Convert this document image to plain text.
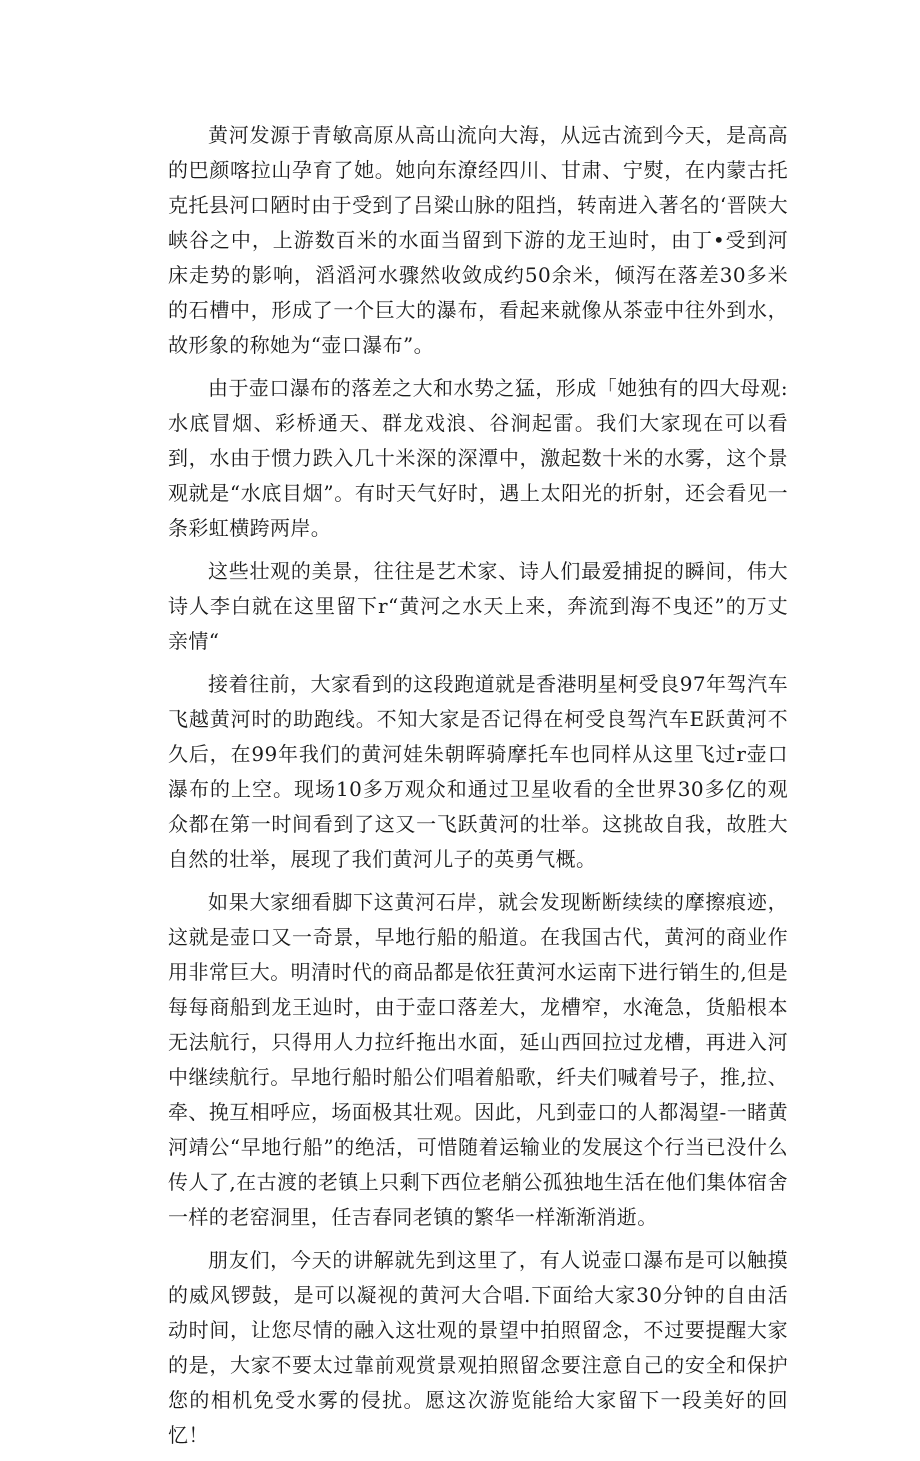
黄河发源于青敏高原从高山流向大海，从远古流到今天，是高高的巴颜喀拉山孕育了她。她向东潦经四川、甘肃、宁熨，在内蒙古托克托县河口陋时由于受到了吕梁山脉的阻挡，转南进入著名的‘晋陕大峡谷之中，上游数百米的水面当留到下游的龙王辿时，由丁•受到河床走势的影响，滔滔河水骤然收敛成约50余米，倾泻在落差30多米的石槽中，形成了一个巨大的瀑布，看起来就像从茶壶中往外到水，故形象的称她为“壶口瀑布”。

由于壶口瀑布的落差之大和水势之猛，形成「她独有的四大母观:水底冒烟、彩桥通天、群龙戏浪、谷涧起雷。我们大家现在可以看到，水由于惯力跌入几十米深的深潭中，激起数十米的水雾，这个景观就是“水底目烟”。有时天气好时，遇上太阳光的折射，还会看见一条彩虹横跨两岸。

这些壮观的美景，往往是艺术家、诗人们最爱捕捉的瞬间，伟大诗人李白就在这里留下r“黄河之水天上来，奔流到海不曳还”的万丈亲情“

接着往前，大家看到的这段跑道就是香港明星柯受良97年驾汽车飞越黄河时的助跑线。不知大家是否记得在柯受良驾汽车E跃黄河不久后，在99年我们的黄河娃朱朝晖骑摩托车也同样从这里飞过r壶口瀑布的上空。现场10多万观众和通过卫星收看的全世界30多亿的观众都在第一时间看到了这又一飞跃黄河的壮举。这挑故自我，故胜大自然的壮举，展现了我们黄河儿子的英勇气概。

如果大家细看脚下这黄河石岸，就会发现断断续续的摩擦痕迹，这就是壶口又一奇景，早地行船的船道。在我国古代，黄河的商业作用非常巨大。明清时代的商品都是依狂黄河水运南下进行销生的,但是每每商船到龙王辿时，由于壶口落差大，龙槽窄，水淹急，货船根本无法航行，只得用人力拉纤拖出水面，延山西回拉过龙槽，再进入河中继续航行。早地行船时船公们唱着船歌，纤夫们喊着号子，推,拉、牵、挽互相呼应，场面极其壮观。因此，凡到壶口的人都渴望-一睹黄河靖公“早地行船”的绝活，可惜随着运输业的发展这个行当已没什么传人了,在古渡的老镇上只剩下西位老艄公孤独地生活在他们集体宿舍一样的老窑洞里，任吉春同老镇的繁华一样渐渐消逝。

朋友们，今天的讲解就先到这里了，有人说壶口瀑布是可以触摸的威风锣鼓，是可以凝视的黄河大合唱.下面给大家30分钟的自由活动时间，让您尽情的融入这壮观的景望中拍照留念，不过要提醒大家的是，大家不要太过靠前观赏景观拍照留念要注意自己的安全和保护您的相机免受水雾的侵扰。愿这次游览能给大家留下一段美好的回忆！
